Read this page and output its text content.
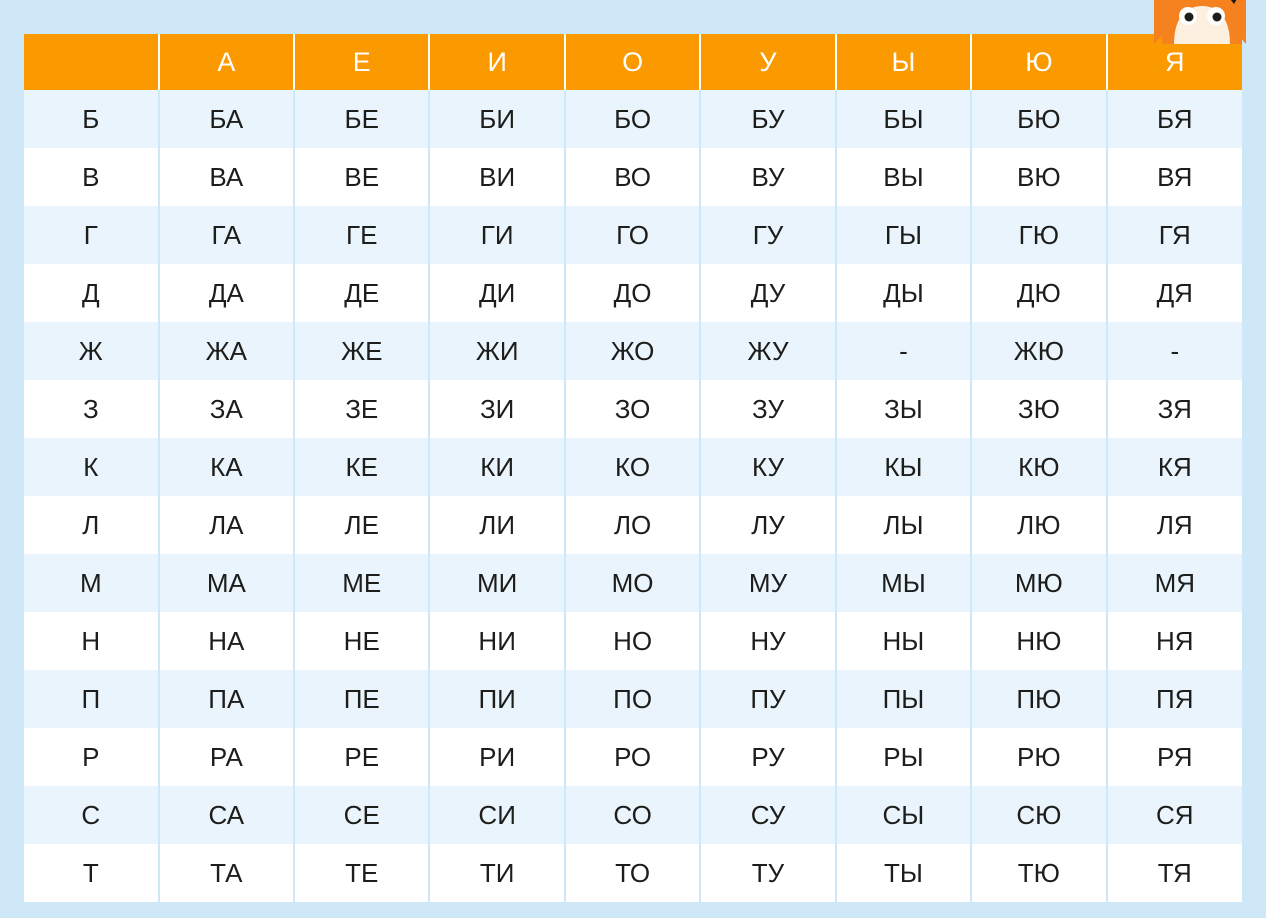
	А	Е	И	О	У	Ы	Ю	Я
Б	БА	БЕ	БИ	БО	БУ	БЫ	БЮ	БЯ
В	ВА	ВЕ	ВИ	ВО	ВУ	ВЫ	ВЮ	ВЯ
Г	ГА	ГЕ	ГИ	ГО	ГУ	ГЫ	ГЮ	ГЯ
Д	ДА	ДЕ	ДИ	ДО	ДУ	ДЫ	ДЮ	ДЯ
Ж	ЖА	ЖЕ	ЖИ	ЖО	ЖУ	-	ЖЮ	-
З	ЗА	ЗЕ	ЗИ	ЗО	ЗУ	ЗЫ	ЗЮ	ЗЯ
К	КА	КЕ	КИ	КО	КУ	КЫ	КЮ	КЯ
Л	ЛА	ЛЕ	ЛИ	ЛО	ЛУ	ЛЫ	ЛЮ	ЛЯ
М	МА	МЕ	МИ	МО	МУ	МЫ	МЮ	МЯ
Н	НА	НЕ	НИ	НО	НУ	НЫ	НЮ	НЯ
П	ПА	ПЕ	ПИ	ПО	ПУ	ПЫ	ПЮ	ПЯ
Р	РА	РЕ	РИ	РО	РУ	РЫ	РЮ	РЯ
С	СА	СЕ	СИ	СО	СУ	СЫ	СЮ	СЯ
Т	ТА	ТЕ	ТИ	ТО	ТУ	ТЫ	ТЮ	ТЯ
